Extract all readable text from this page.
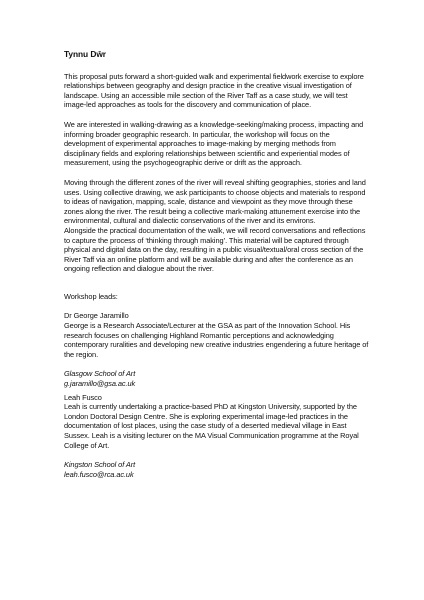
Tynnu Dŵr

This proposal puts forward a short-guided walk and experimental fieldwork exercise to explore relationships between geography and design practice in the creative visual investigation of landscape. Using an accessible mile section of the River Taff as a case study, we will test image-led approaches as tools for the discovery and communication of place.

We are interested in walking-drawing as a knowledge-seeking/making process, impacting and informing broader geographic research. In particular, the workshop will focus on the development of experimental approaches to image-making by merging methods from disciplinary fields and exploring relationships between scientific and experiential modes of measurement, using the psychogeographic derive or drift as the approach.

Moving through the different zones of the river will reveal shifting geographies, stories and land uses. Using collective drawing, we ask participants to choose objects and materials to respond to ideas of navigation, mapping, scale, distance and viewpoint as they move through these zones along the river. The result being a collective mark-making attunement exercise into the environmental, cultural and dialectic conservations of the river and its environs.

Alongside the practical documentation of the walk, we will record conversations and reflections to capture the process of ‘thinking through making’. This material will be captured through physical and digital data on the day, resulting in a public visual/textual/oral cross section of the River Taff via an online platform and will be available during and after the conference as an ongoing reflection and dialogue about the river.

Workshop leads:

Dr George Jaramillo

George is a Research Associate/Lecturer at the GSA as part of the Innovation School. His research focuses on challenging Highland Romantic perceptions and acknowledging contemporary ruralities and developing new creative industries engendering a future heritage of the region.

Glasgow School of Art

g.jaramillo@gsa.ac.uk

Leah Fusco

Leah is currently undertaking a practice-based PhD at Kingston University, supported by the London Doctoral Design Centre. She is exploring experimental image-led practices in the documentation of lost places, using the case study of a deserted medieval village in East Sussex. Leah is a visiting lecturer on the MA Visual Communication programme at the Royal College of Art.

Kingston School of Art

leah.fusco@rca.ac.uk
